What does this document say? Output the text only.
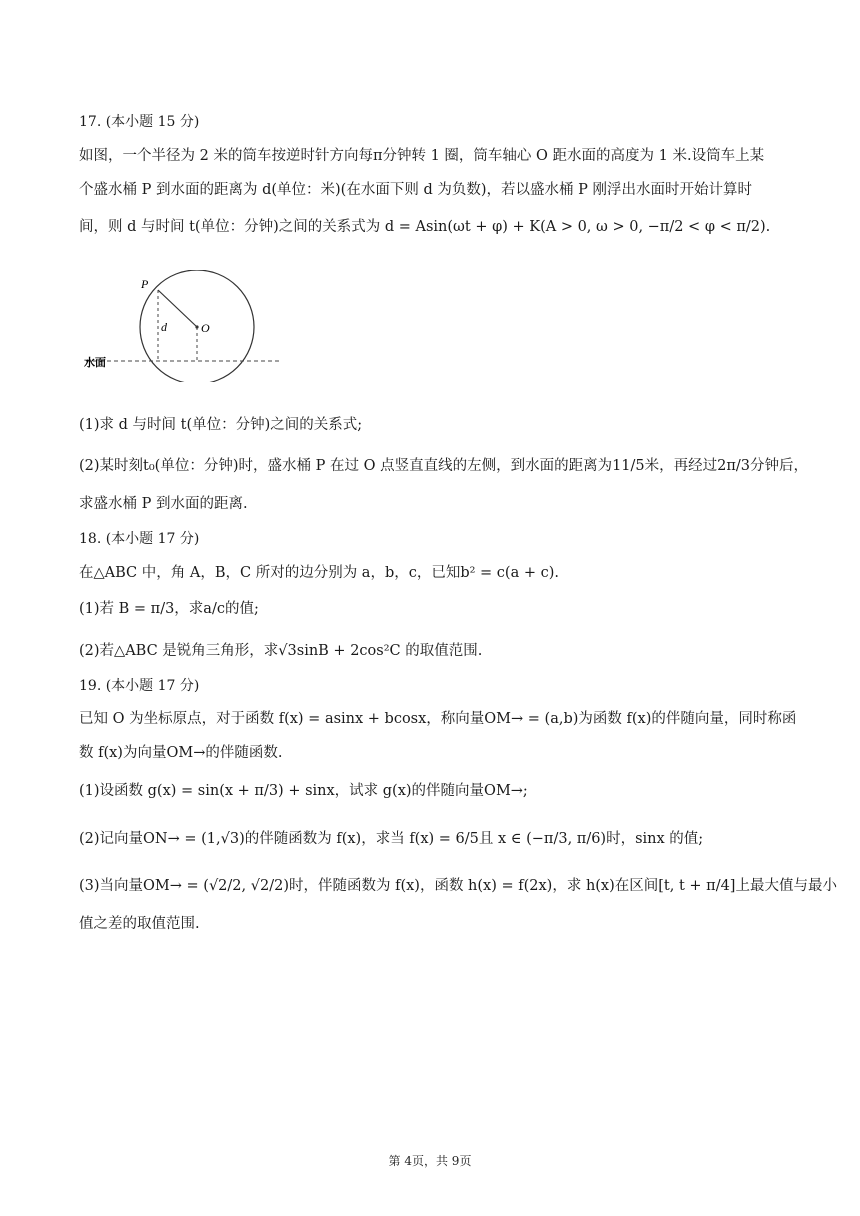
17. (本小题 15 分)
如图，一个半径为 2 米的筒车按逆时针方向每π分钟转 1 圈，筒车轴心 O 距水面的高度为 1 米.设筒车上某
个盛水桶 P 到水面的距离为 d(单位：米)(在水面下则 d 为负数)，若以盛水桶 P 刚浮出水面时开始计算时
间，则 d 与时间 t(单位：分钟)之间的关系式为 d = Asin(ωt + φ) + K(A > 0, ω > 0, −π/2 < φ < π/2).
P
d	O
水面
(1)求 d 与时间 t(单位：分钟)之间的关系式;
(2)某时刻t₀(单位：分钟)时，盛水桶 P 在过 O 点竖直直线的左侧，到水面的距离为11/5米，再经过2π/3分钟后，
求盛水桶 P 到水面的距离.
18. (本小题 17 分)
在△ABC 中，角 A，B，C 所对的边分别为 a，b，c，已知b² = c(a + c).
(1)若 B = π/3，求a/c的值;
(2)若△ABC 是锐角三角形，求√3sinB + 2cos²C 的取值范围.
19. (本小题 17 分)
已知 O 为坐标原点，对于函数 f(x) = asinx + bcosx，称向量OM→ = (a,b)为函数 f(x)的伴随向量，同时称函
数 f(x)为向量OM→的伴随函数.
(1)设函数 g(x) = sin(x + π/3) + sinx，试求 g(x)的伴随向量OM→;
(2)记向量ON→ = (1,√3)的伴随函数为 f(x)，求当 f(x) = 6/5且 x ∈ (−π/3, π/6)时，sinx 的值;
(3)当向量OM→ = (√2/2, √2/2)时，伴随函数为 f(x)，函数 h(x) = f(2x)，求 h(x)在区间[t, t + π/4]上最大值与最小
值之差的取值范围.
第 4页，共 9页
